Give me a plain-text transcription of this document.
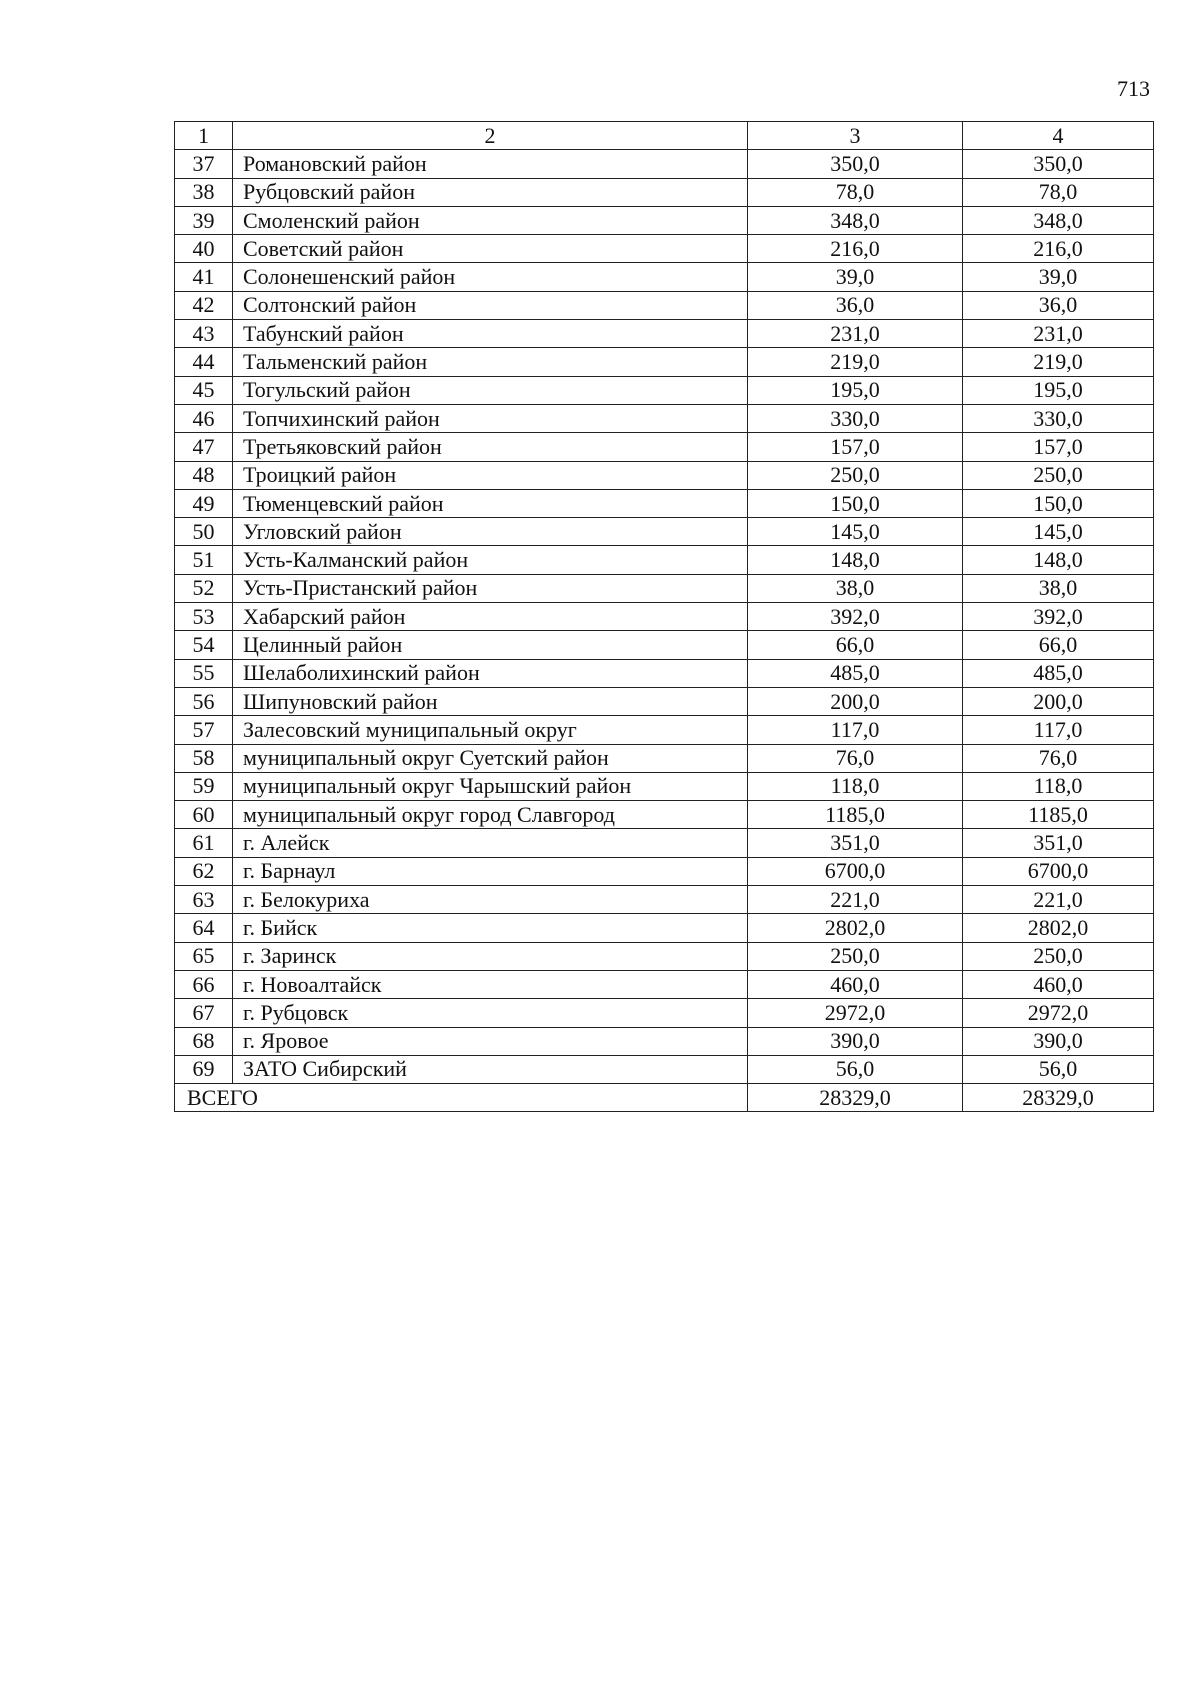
713
1	2	3	4
37	Романовский район	350,0	350,0
38	Рубцовский район	78,0	78,0
39	Смоленский район	348,0	348,0
40	Советский район	216,0	216,0
41	Солонешенский район	39,0	39,0
42	Солтонский район	36,0	36,0
43	Табунский район	231,0	231,0
44	Тальменский район	219,0	219,0
45	Тогульский район	195,0	195,0
46	Топчихинский район	330,0	330,0
47	Третьяковский район	157,0	157,0
48	Троицкий район	250,0	250,0
49	Тюменцевский район	150,0	150,0
50	Угловский район	145,0	145,0
51	Усть-Калманский район	148,0	148,0
52	Усть-Пристанский район	38,0	38,0
53	Хабарский район	392,0	392,0
54	Целинный район	66,0	66,0
55	Шелаболихинский район	485,0	485,0
56	Шипуновский район	200,0	200,0
57	Залесовский муниципальный округ	117,0	117,0
58	муниципальный округ Суетский район	76,0	76,0
59	муниципальный округ Чарышский район	118,0	118,0
60	муниципальный округ город Славгород	1185,0	1185,0
61	г. Алейск	351,0	351,0
62	г. Барнаул	6700,0	6700,0
63	г. Белокуриха	221,0	221,0
64	г. Бийск	2802,0	2802,0
65	г. Заринск	250,0	250,0
66	г. Новоалтайск	460,0	460,0
67	г. Рубцовск	2972,0	2972,0
68	г. Яровое	390,0	390,0
69	ЗАТО Сибирский	56,0	56,0
ВСЕГО		28329,0	28329,0
